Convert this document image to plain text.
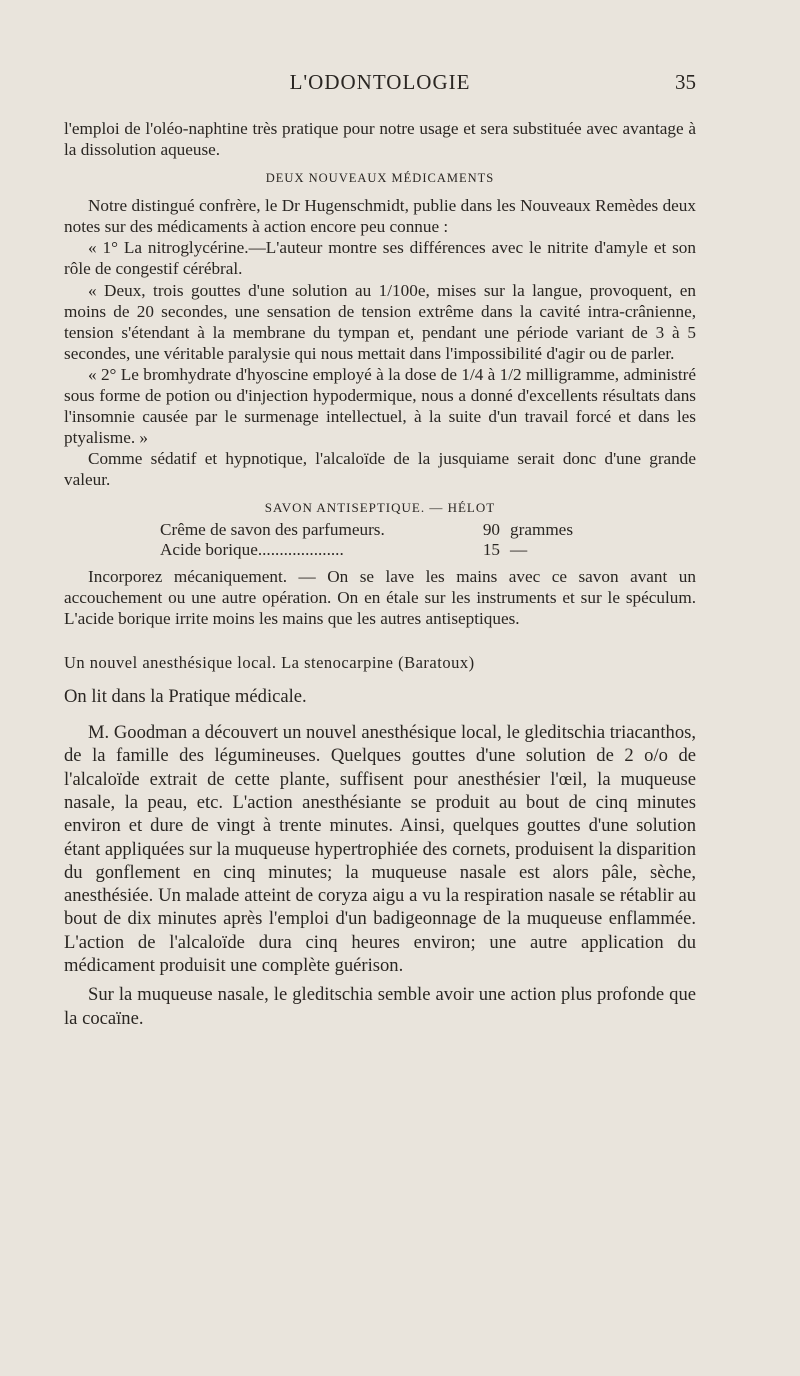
L'ODONTOLOGIE	35

l'emploi de l'oléo-naphtine très pratique pour notre usage et sera substituée avec avantage à la dissolution aqueuse.

DEUX NOUVEAUX MÉDICAMENTS

Notre distingué confrère, le Dr Hugenschmidt, publie dans les Nouveaux Remèdes deux notes sur des médicaments à action encore peu connue :

« 1° La nitroglycérine.—L'auteur montre ses différences avec le nitrite d'amyle et son rôle de congestif cérébral.

« Deux, trois gouttes d'une solution au 1/100e, mises sur la langue, provoquent, en moins de 20 secondes, une sensation de tension extrême dans la cavité intra-crânienne, tension s'étendant à la membrane du tympan et, pendant une période variant de 3 à 5 secondes, une véritable paralysie qui nous mettait dans l'impossibilité d'agir ou de parler.

« 2° Le bromhydrate d'hyoscine employé à la dose de 1/4 à 1/2 milligramme, administré sous forme de potion ou d'injection hypodermique, nous a donné d'excellents résultats dans l'insomnie causée par le surmenage intellectuel, à la suite d'un travail forcé et dans les ptyalisme. »

Comme sédatif et hypnotique, l'alcaloïde de la jusquiame serait donc d'une grande valeur.

SAVON ANTISEPTIQUE. — HÉLOT
Crême de savon des parfumeurs.	90 grammes
Acide borique....................	15 —

Incorporez mécaniquement. — On se lave les mains avec ce savon avant un accouchement ou une autre opération. On en étale sur les instruments et sur le spéculum. L'acide borique irrite moins les mains que les autres antiseptiques.

Un nouvel anesthésique local. La stenocarpine (Baratoux)

On lit dans la Pratique médicale.

M. Goodman a découvert un nouvel anesthésique local, le gleditschia triacanthos, de la famille des légumineuses. Quelques gouttes d'une solution de 2 o/o de l'alcaloïde extrait de cette plante, suffisent pour anesthésier l'œil, la muqueuse nasale, la peau, etc. L'action anesthésiante se produit au bout de cinq minutes environ et dure de vingt à trente minutes. Ainsi, quelques gouttes d'une solution étant appliquées sur la muqueuse hypertrophiée des cornets, produisent la disparition du gonflement en cinq minutes; la muqueuse nasale est alors pâle, sèche, anesthésiée. Un malade atteint de coryza aigu a vu la respiration nasale se rétablir au bout de dix minutes après l'emploi d'un badigeonnage de la muqueuse enflammée. L'action de l'alcaloïde dura cinq heures environ; une autre application du médicament produisit une complète guérison.

Sur la muqueuse nasale, le gleditschia semble avoir une action plus profonde que la cocaïne.
